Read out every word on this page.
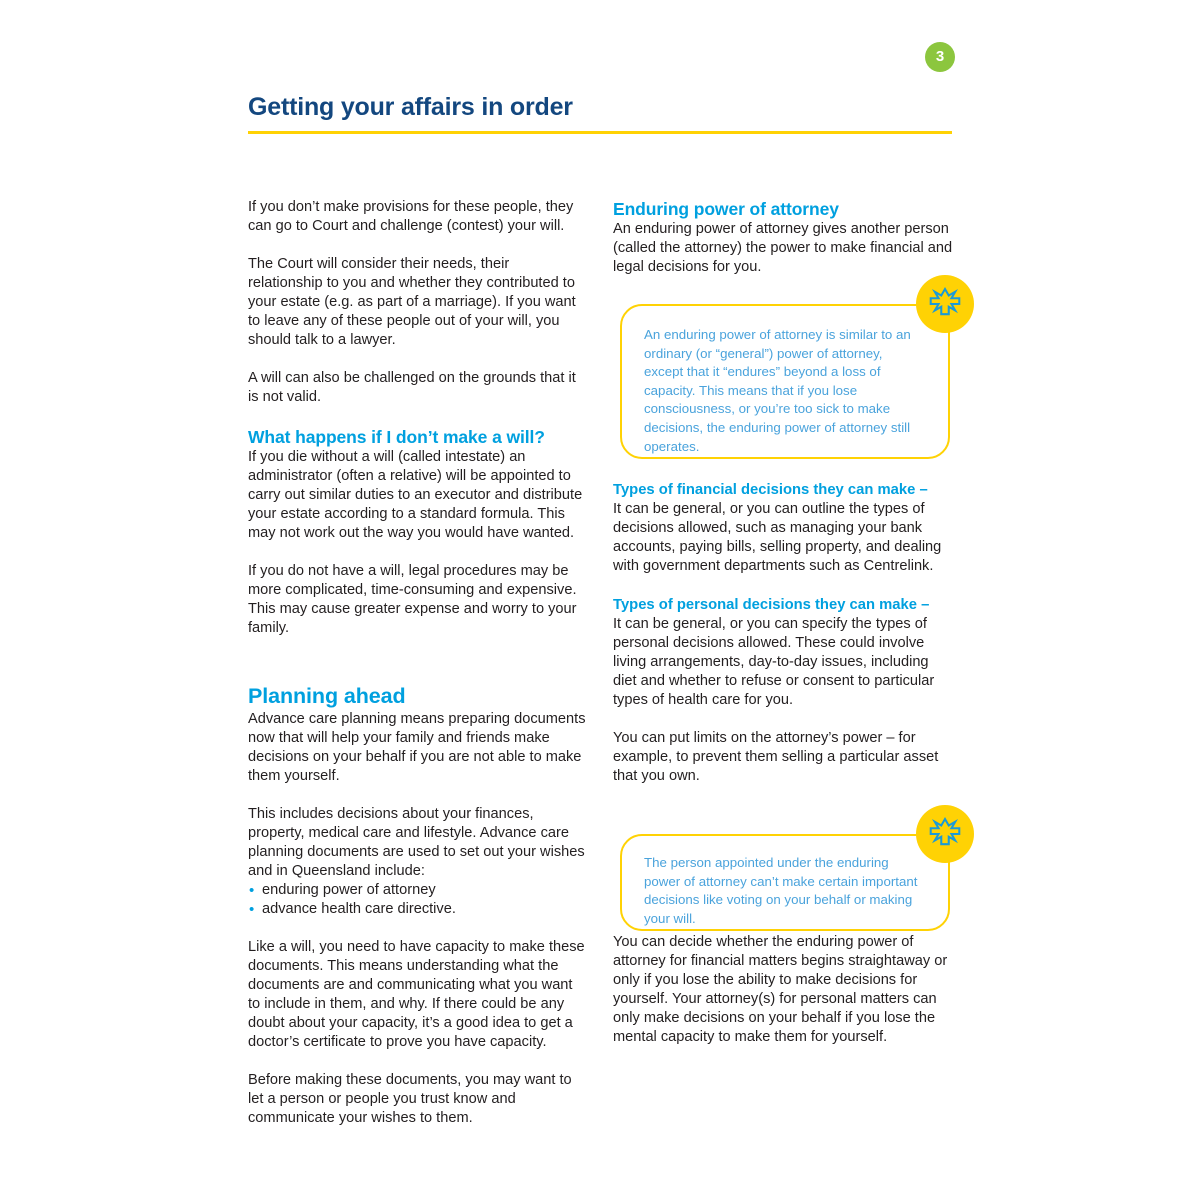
3
Getting your affairs in order

If you don’t make provisions for these people, they can go to Court and challenge (contest) your will.

The Court will consider their needs, their relationship to you and whether they contributed to your estate (e.g. as part of a marriage). If you want to leave any of these people out of your will, you should talk to a lawyer.

A will can also be challenged on the grounds that it is not valid.

What happens if I don’t make a will?

If you die without a will (called intestate) an administrator (often a relative) will be appointed to carry out similar duties to an executor and distribute your estate according to a standard formula. This may not work out the way you would have wanted.

If you do not have a will, legal procedures may be more complicated, time-consuming and expensive. This may cause greater expense and worry to your family.

Planning ahead

Advance care planning means preparing documents now that will help your family and friends make decisions on your behalf if you are not able to make them yourself.

This includes decisions about your finances, property, medical care and lifestyle. Advance care planning documents are used to set out your wishes and in Queensland include:

• enduring power of attorney
• advance health care directive.

Like a will, you need to have capacity to make these documents. This means understanding what the documents are and communicating what you want to include in them, and why. If there could be any doubt about your capacity, it’s a good idea to get a doctor’s certificate to prove you have capacity.

Before making these documents, you may want to let a person or people you trust know and communicate your wishes to them.

Enduring power of attorney

An enduring power of attorney gives another person (called the attorney) the power to make financial and legal decisions for you.

Types of financial decisions they can make –

It can be general, or you can outline the types of decisions allowed, such as managing your bank accounts, paying bills, selling property, and dealing with government departments such as Centrelink.

Types of personal decisions they can make –

It can be general, or you can specify the types of personal decisions allowed. These could involve living arrangements, day-to-day issues, including diet and whether to refuse or consent to particular types of health care for you.

You can put limits on the attorney’s power – for example, to prevent them selling a particular asset that you own.

You can decide whether the enduring power of attorney for financial matters begins straightaway or only if you lose the ability to make decisions for yourself. Your attorney(s) for personal matters can only make decisions on your behalf if you lose the mental capacity to make them for yourself.

An enduring power of attorney is similar to an ordinary (or “general”) power of attorney, except that it “endures” beyond a loss of capacity. This means that if you lose consciousness, or you’re too sick to make decisions, the enduring power of attorney still operates.

The person appointed under the enduring power of attorney can’t make certain important decisions like voting on your behalf or making your will.
